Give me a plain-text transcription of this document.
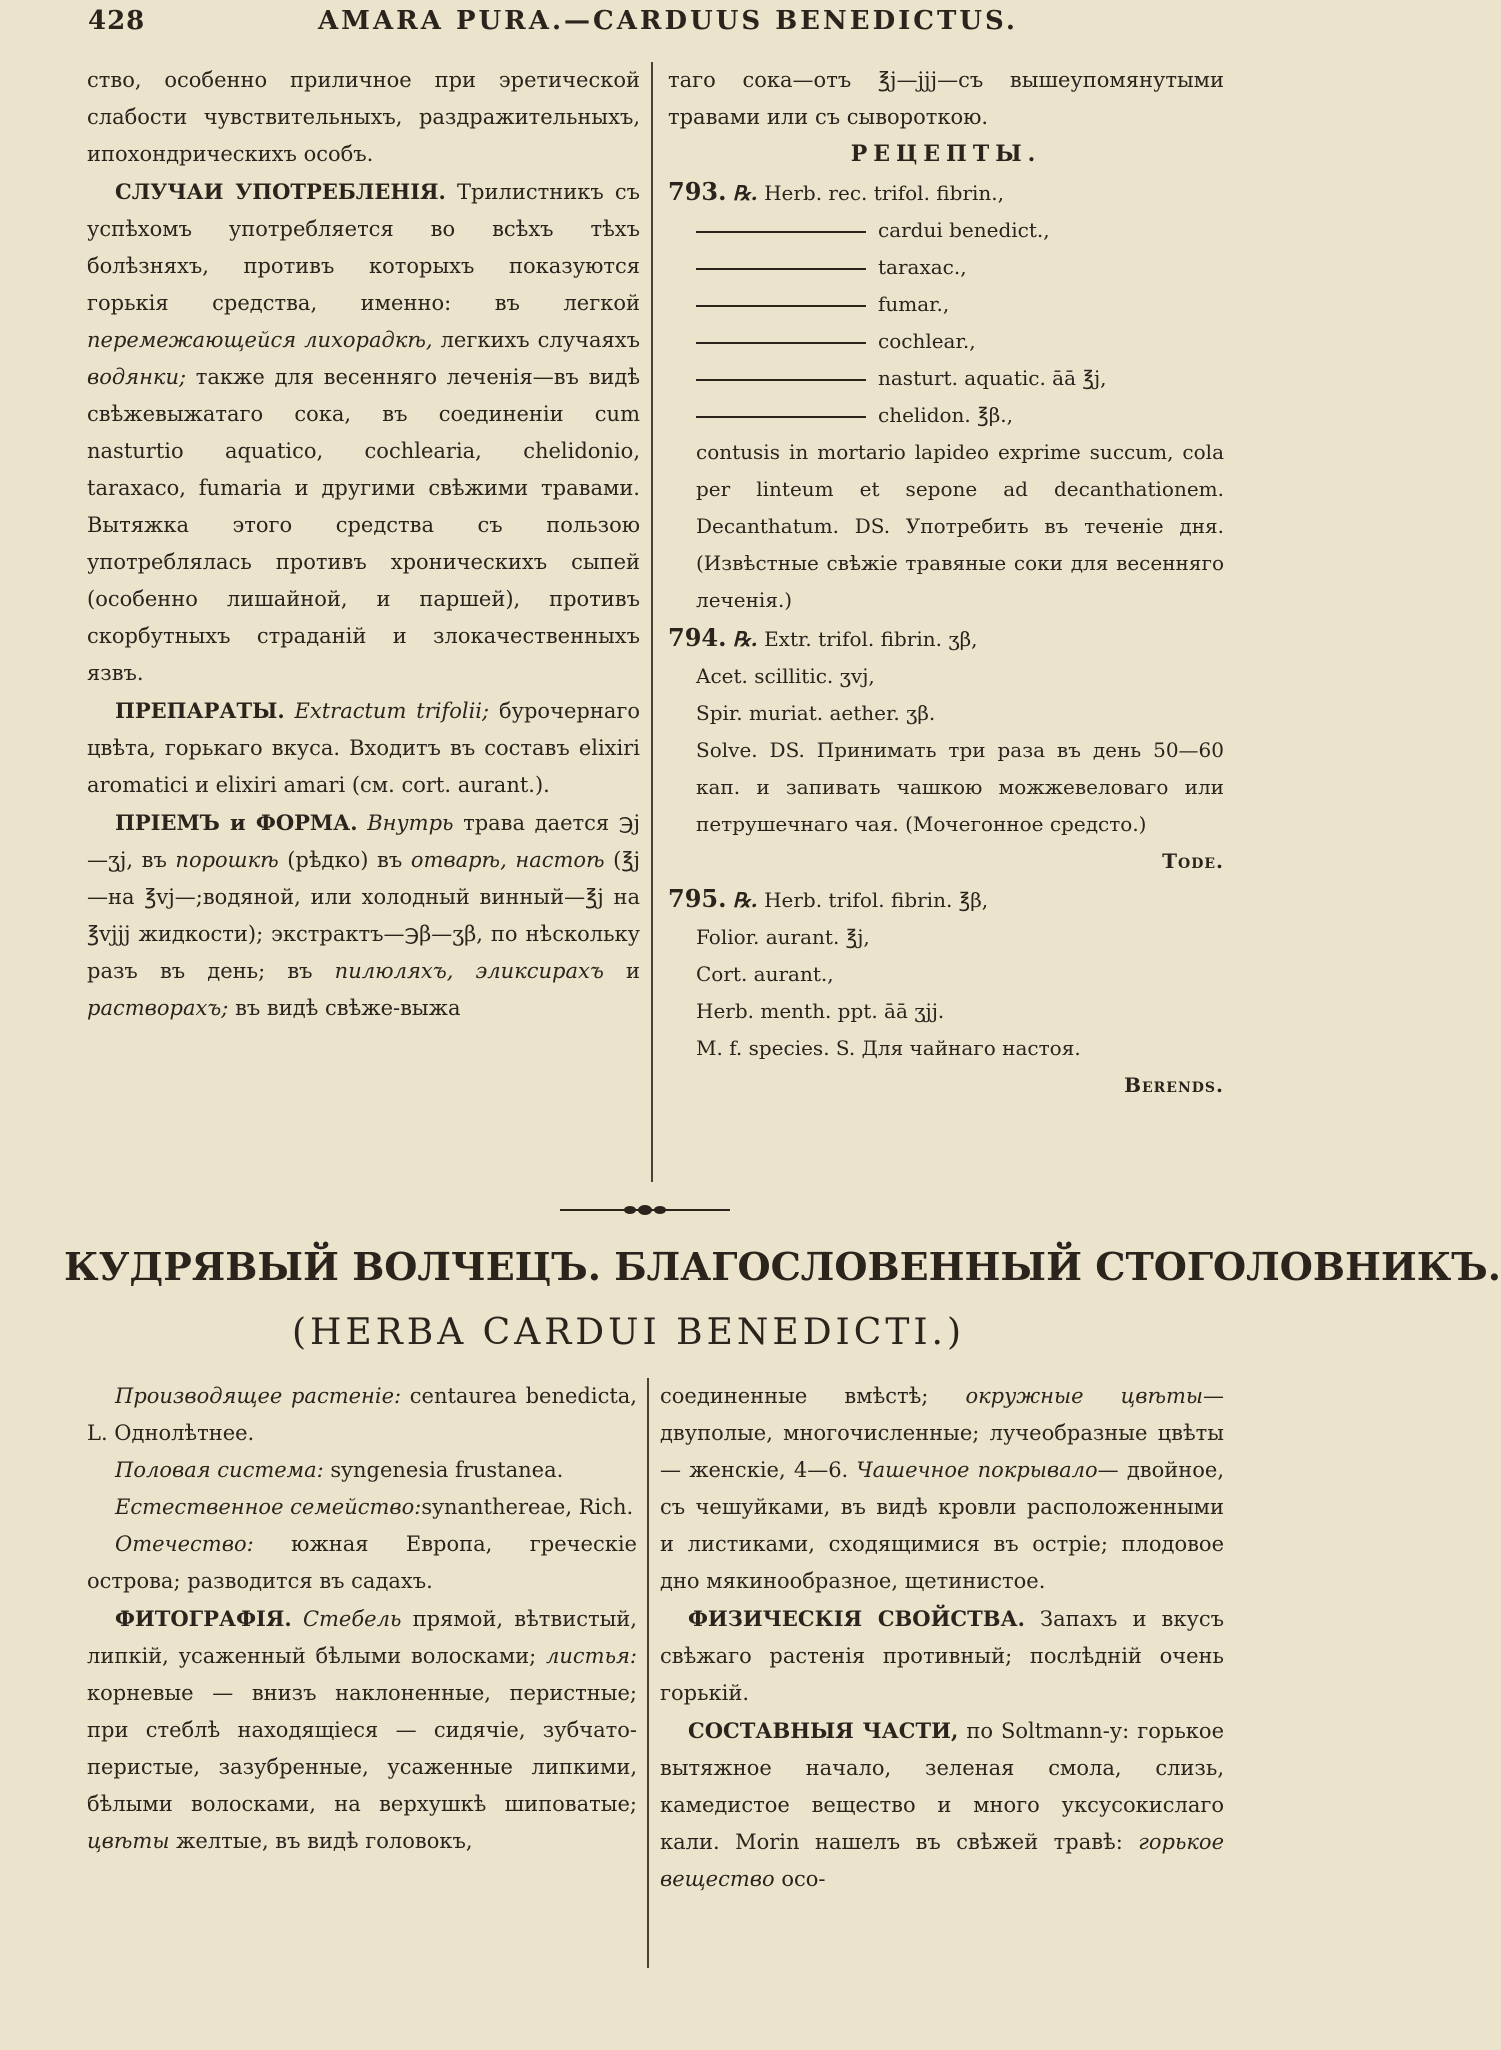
428	AMARA PURA.—CARDUUS BENEDICTUS.

ство, особенно приличное при эретической слабости чувствительныхъ, раздражительныхъ, ипохондрическихъ особъ.

СЛУЧАИ УПОТРЕБЛЕНІЯ. Трилистникъ съ успѣхомъ употребляется во всѣхъ тѣхъ болѣзняхъ, противъ которыхъ показуются горькія средства, именно: въ легкой перемежающейся лихорадкѣ, легкихъ случаяхъ водянки; также для весенняго леченія—въ видѣ свѣжевыжатаго сока, въ соединеніи cum nasturtio aquatico, cochlearia, chelidonio, taraxaco, fumaria и другими свѣжими травами. Вытяжка этого средства съ пользою употреблялась противъ хроническихъ сыпей (особенно лишайной, и паршей), противъ скорбутныхъ страданій и злокачественныхъ язвъ.

ПРЕПАРАТЫ. Extractum trifolii; бурочернаго цвѣта, горькаго вкуса. Входитъ въ составъ elixiri aromatici и elixiri amari (см. cort. aurant.).

ПРІЕМЪ и ФОРМА. Внутрь трава дается ℈j—ʒj, въ порошкѣ (рѣдко) въ отварѣ, настоѣ (℥j—на ℥vj—;водяной, или холодный винный—℥j на ℥vjjj жидкости); экстрактъ—℈β—ʒβ, по нѣскольку разъ въ день; въ пилюляхъ, эликсирахъ и растворахъ; въ видѣ свѣже-выжа

таго сока—отъ ℥j—jjj—съ вышеупомянутыми травами или съ сывороткою.

РЕЦЕПТЫ.

793. ℞. Herb. rec. trifol. fibrin.,

cardui benedict.,

taraxac.,

fumar.,

cochlear.,

nasturt. aquatic. āā ℥j,

chelidon. ℥β.,

contusis in mortario lapideo exprime succum, cola per linteum et sepone ad decanthationem. Decanthatum. DS. Употребить въ теченіе дня. (Извѣстные свѣжіе травяные соки для весенняго леченія.)

794. ℞. Extr. trifol. fibrin. ʒβ,

Acet. scillitic. ʒvj,

Spir. muriat. aether. ʒβ.

Solve. DS. Принимать три раза въ день 50—60 кап. и запивать чашкою можжевеловаго или петрушечнаго чая. (Мочегонное средсто.)

Tode.

795. ℞. Herb. trifol. fibrin. ℥β,

Folior. aurant. ℥j,

Cort. aurant.,

Herb. menth. ppt. āā ʒjj.

M. f. species. S. Для чайнаго настоя.

Berends.

КУДРЯВЫЙ ВОЛЧЕЦЪ. БЛАГОСЛОВЕННЫЙ СТОГОЛОВНИКЪ.
(HERBA CARDUI BENEDICTI.)

Производящее растеніе: centaurea benedicta, L. Однолѣтнее.

Половая система: syngenesia frustanea.

Естественное семейство:synanthereae, Rich.

Отечество: южная Европа, греческіе острова; разводится въ садахъ.

ФИТОГРАФІЯ. Стебель прямой, вѣтвистый, липкій, усаженный бѣлыми волосками; листья: корневые — внизъ наклоненные, перистные; при стеблѣ находящіеся — сидячіе, зубчато-перистые, зазубренные, усаженные липкими, бѣлыми волосками, на верхушкѣ шиповатые; цвѣты желтые, въ видѣ головокъ,

соединенные вмѣстѣ; окружные цвѣты—двуполые, многочисленные; лучеобразные цвѣты — женскіе, 4—6. Чашечное покрывало— двойное, съ чешуйками, въ видѣ кровли расположенными и листиками, сходящимися въ остріе; плодовое дно мякинообразное, щетинистое.

ФИЗИЧЕСКІЯ СВОЙСТВА. Запахъ и вкусъ свѣжаго растенія противный; послѣдній очень горькій.

СОСТАВНЫЯ ЧАСТИ, по Soltmann-у: горькое вытяжное начало, зеленая смола, слизь, камедистое вещество и много уксусокислаго кали. Morin нашелъ въ свѣжей травѣ: горькое вещество осо-
